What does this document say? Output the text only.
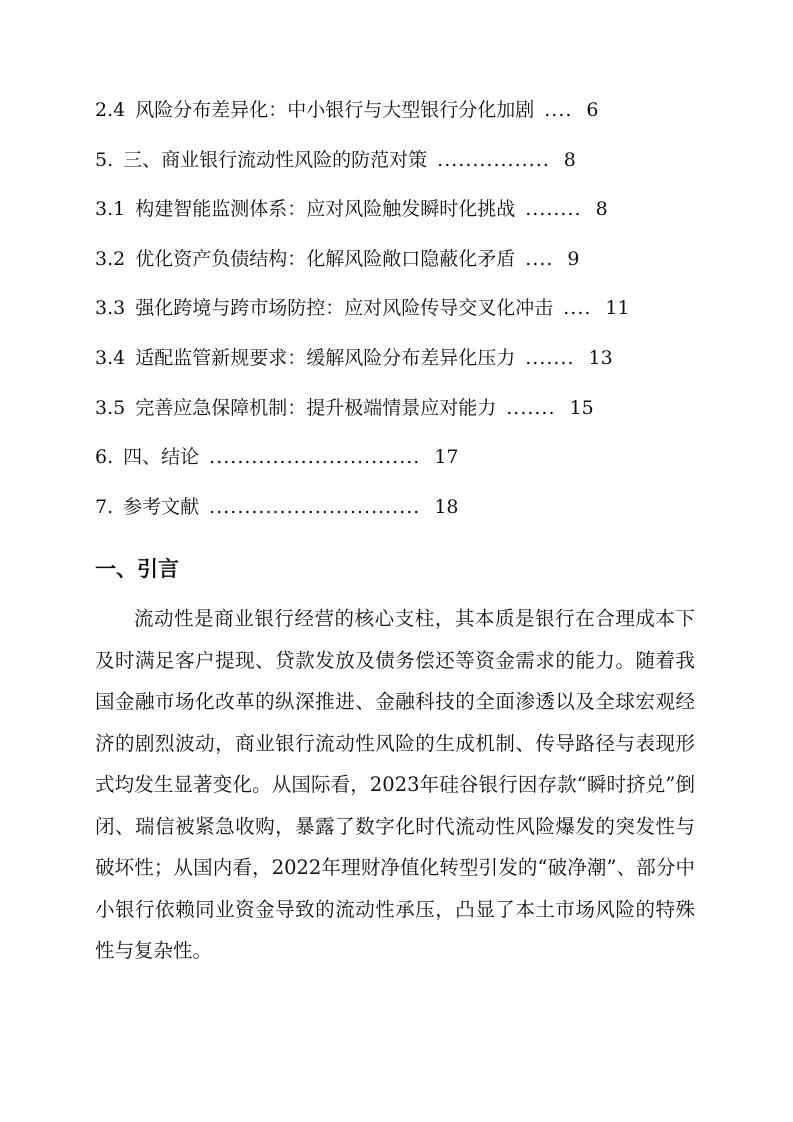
2.4 风险分布差异化：中小银行与大型银行分化加剧 .... 6
5. 三、商业银行流动性风险的防范对策 ................ 8
3.1 构建智能监测体系：应对风险触发瞬时化挑战 ........ 8
3.2 优化资产负债结构：化解风险敞口隐蔽化矛盾 .... 9
3.3 强化跨境与跨市场防控：应对风险传导交叉化冲击 .... 11
3.4 适配监管新规要求：缓解风险分布差异化压力 ....... 13
3.5 完善应急保障机制：提升极端情景应对能力 ....... 15
6. 四、结论 .............................. 17
7. 参考文献 .............................. 18
一、引言

流动性是商业银行经营的核心支柱，其本质是银行在合理成本下及时满足客户提现、贷款发放及债务偿还等资金需求的能力。随着我国金融市场化改革的纵深推进、金融科技的全面渗透以及全球宏观经济的剧烈波动，商业银行流动性风险的生成机制、传导路径与表现形式均发生显著变化。从国际看，2023年硅谷银行因存款“瞬时挤兑”倒闭、瑞信被紧急收购，暴露了数字化时代流动性风险爆发的突发性与破坏性；从国内看，2022年理财净值化转型引发的“破净潮”、部分中小银行依赖同业资金导致的流动性承压，凸显了本土市场风险的特殊性与复杂性。
